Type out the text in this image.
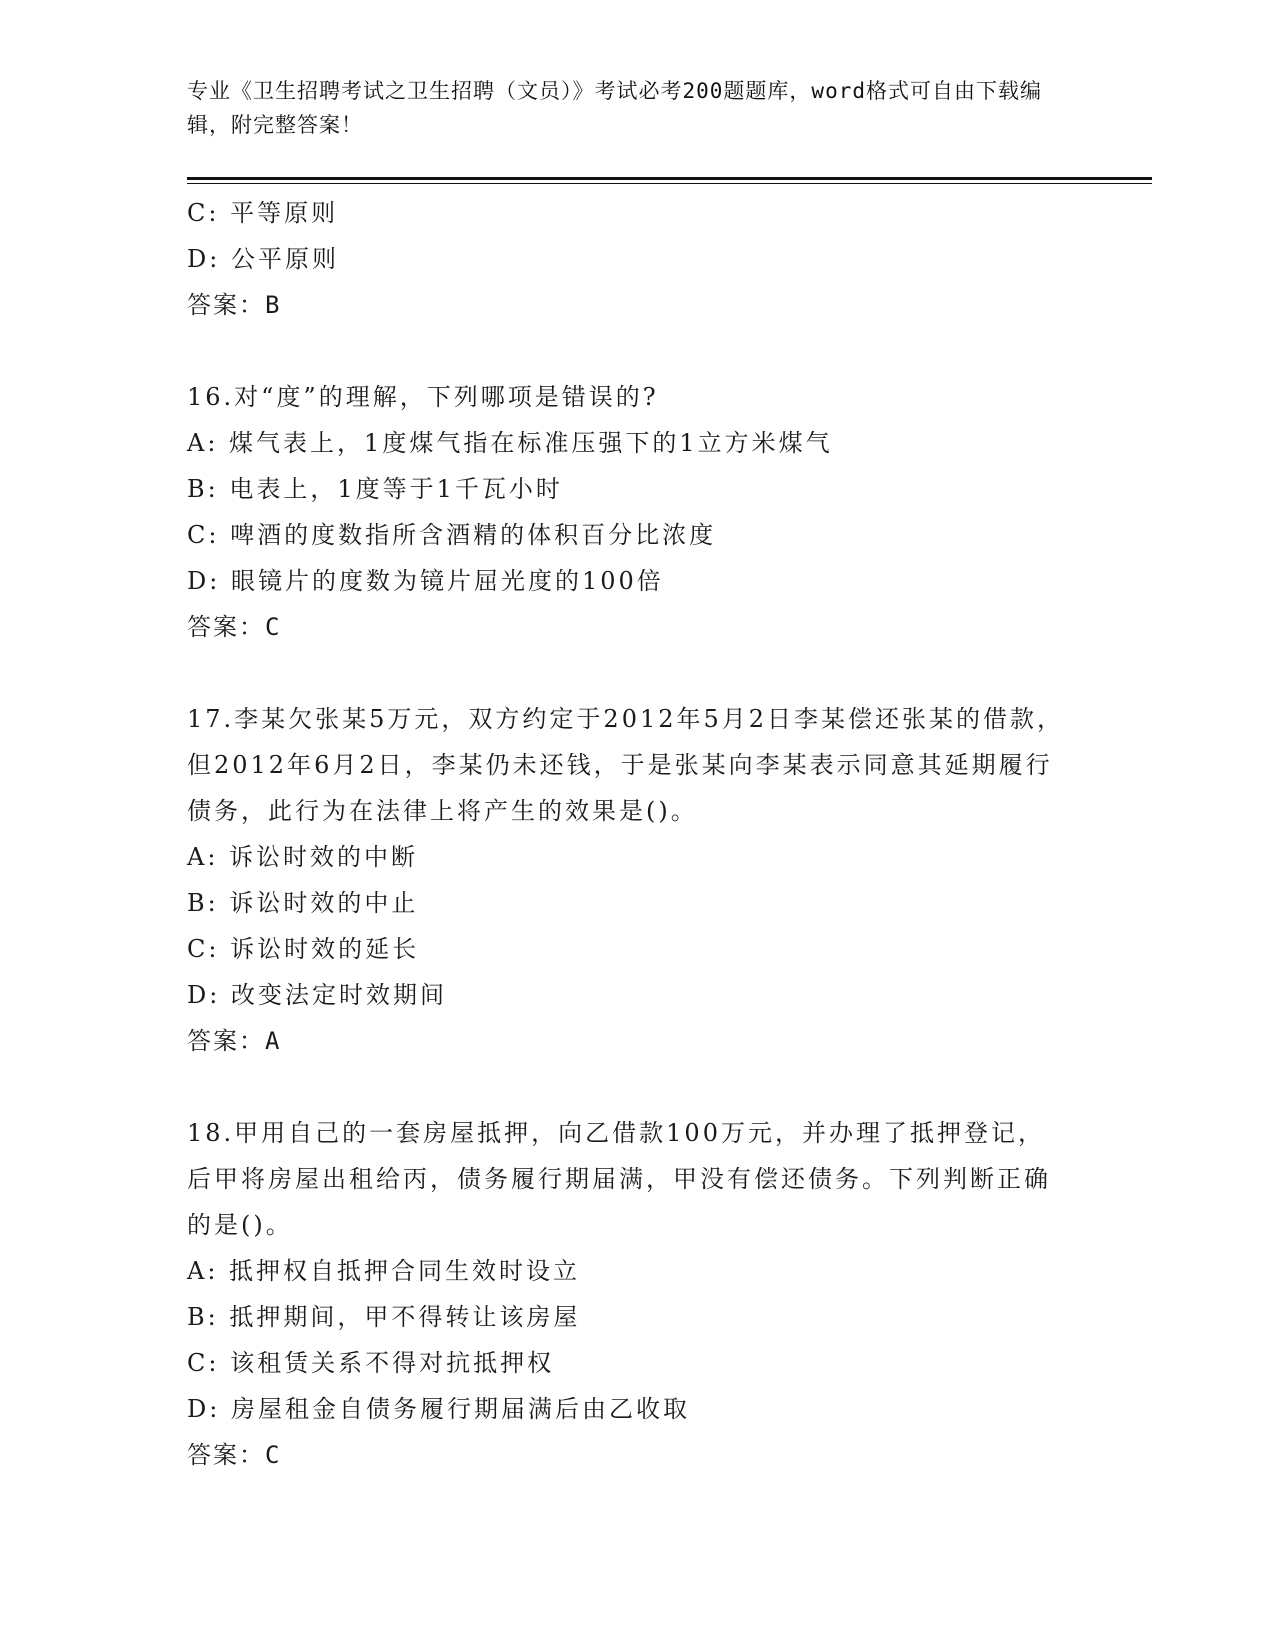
专业《卫生招聘考试之卫生招聘（文员）》考试必考200题题库，word格式可自由下载编辑，附完整答案！
C: 平等原则
D: 公平原则
答案：B
16.对“度”的理解，下列哪项是错误的?
A: 煤气表上，1度煤气指在标准压强下的1立方米煤气
B: 电表上，1度等于1千瓦小时
C: 啤酒的度数指所含酒精的体积百分比浓度
D: 眼镜片的度数为镜片屈光度的100倍
答案：C
17.李某欠张某5万元，双方约定于2012年5月2日李某偿还张某的借款，但2012年6月2日，李某仍未还钱，于是张某向李某表示同意其延期履行债务，此行为在法律上将产生的效果是()。
A: 诉讼时效的中断
B: 诉讼时效的中止
C: 诉讼时效的延长
D: 改变法定时效期间
答案：A
18.甲用自己的一套房屋抵押，向乙借款100万元，并办理了抵押登记，后甲将房屋出租给丙，债务履行期届满，甲没有偿还债务。下列判断正确的是()。
A: 抵押权自抵押合同生效时设立
B: 抵押期间，甲不得转让该房屋
C: 该租赁关系不得对抗抵押权
D: 房屋租金自债务履行期届满后由乙收取
答案：C
